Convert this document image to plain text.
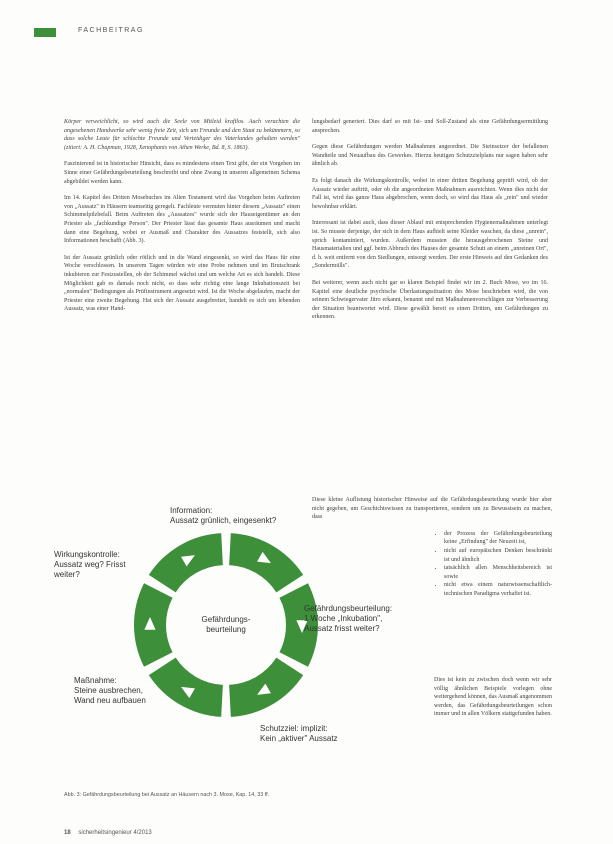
FACHBEITRAG

Körper verweichlicht, so wird auch die Seele von Mitleid kraftlos. Auch verachten die angesehenen Handwerke sehr wenig freie Zeit, sich um Freunde und den Staat zu bekümmern, so dass solche Leute für schlechte Freunde und Verteidiger des Vaterlandes gehalten werden" (zitiert: A. H. Chapman, 1928, Xenophanis von Athen Werke, Bd. 8, S. 1863).

Faszinierend ist in historischer Hinsicht, dass es mindestens einen Text gibt, der ein Vorgehen im Sinne einer Gefährdungsbeurteilung beschreibt und ohne Zwang in unseren allgemeinen Schema abgebildet werden kann.

Im 14. Kapitel des Dritten Mosebuches im Alten Testament wird das Vorgehen beim Auftreten von „Aussatz" in Häusern teamseitig geregelt. Fachleute vermuten hinter diesem „Aussatz" einen Schimmelpilzbefall. Beim Auftreten des „Aussatzes" wurde sich der Hauseigentümer an den Priester als „fachkundige Person". Der Priester lässt das gesamte Haus ausräumen und macht dann eine Begehung, wobei er Ausmaß und Charakter des Aussatzes feststellt, sich also Informationen beschafft (Abb. 3).

Ist der Aussatz grünlich oder rötlich und in die Wand eingesenkt, so wird das Haus für eine Woche verschlossen. In unserem Tagen würden wir eine Probe nehmen und im Brutschrank inkubieren zur Festzustellen, ob der Schimmel wächst und um welche Art es sich handelt. Diese Möglichkeit gab es damals noch nicht, so dass sehr richtig eine lange Inkubationszeit bei „normalen" Bedingungen als Prüfinstrument angesetzt wird. Ist die Woche abgelaufen, macht der Priester eine zweite Begehung. Hat sich der Aussatz ausgebreitet, handelt es sich um lebenden Aussatz, was einer Hand-

lungsbedarf generiert. Dies darf so mit Ist- und Soll-Zustand als eine Gefährdungsermittlung ansprechen.

Gegen diese Gefährdungen werden Maßnahmen angeordnet. Die Steinsetzer der befallenen Wandteile und Neuaufbau des Gewerkes. Hierzu heutigen Schutzzielplans nur sagen haben sehr ähnlich ab.

Es folgt danach die Wirkungskontrolle, wobei in einer dritten Begehung geprüft wird, ob der Aussatz wieder auftritt, oder ob die angeordneten Maßnahmen ausreichten. Wenn dies nicht der Fall ist, wird das ganze Haus abgebrochen, wenn doch, so wird das Haus als „rein" und wieder bewohnbar erklärt.

Interessant ist dabei auch, dass dieser Ablauf mit entsprechenden Hygienemaßnahmen unterlegt ist. So musste derjenige, der sich in dem Haus aufhielt seine Kleider waschen, da diese „unrein", sprich kontaminiert, wurden. Außerdem mussten die herausgebrochenen Steine und Hausmaterialien und ggf. beim Abbruch des Hauses der gesamte Schutt an einem „unreinen Ort", d. h. weit entfernt von den Siedlungen, entsorgt werden. Der erste Hinweis auf den Gedanken des „Sondermülls".

Bei weiterer, wenn auch nicht gar so klaren Beispiel findet wir im 2. Buch Mose, wo im 16. Kapitel eine deutliche psychische Überlastungssituation des Mose beschrieben wird, die von seinem Schwiegervater Jitro erkannt, benannt und mit Maßnahmenvorschlägen zur Verbesserung der Situation beantwortet wird. Diese gewählt bereit es einen Dritten, um Gefährdungen zu erkennen.

Diese kleine Auflistung historischer Hinweise auf die Gefährdungsbeurteilung wurde hier aber nicht gegeben, um Geschichtswissen zu transportieren, sondern um zu Bewusstsein zu machen, dass

• der Prozess der Gefährdungsbeurteilung keine „Erfindung" der Neuzeit ist,
• nicht auf europäischen Denken beschränkt ist und ähnlich
• tatsächlich allen Menschheitsbereich ist sowie
• nicht etwa einem naturwissenschaftlich-technischen Paradigma verhaftet ist.

Dies ist kein zu zwischen doch wenn wir sehr völlig ähnlichen Beispiele vorlegen ohne weitergehend können, das Ausmaß angenommen werden, das Gefährdungsbeurteilungen schon immer und in allen Völkern stattgefunden haben.

Gefährdungs-
beurteilung
Information:
Aussatz grünlich, eingesenkt?
Gefährdungsbeurteilung:
1 Woche „Inkubation",
Aussatz frisst weiter?
Schutzziel: implizit:
Kein „aktiver" Aussatz
Maßnahme:
Steine ausbrechen,
Wand neu aufbauen
Wirkungskontrolle:
Aussatz weg? Frisst
weiter?
Abb. 3: Gefährdungsbeurteilung bei Aussatz an Häusern nach 3. Mose, Kap. 14, 33 ff.
18 sicherheitsingenieur 4/2013
